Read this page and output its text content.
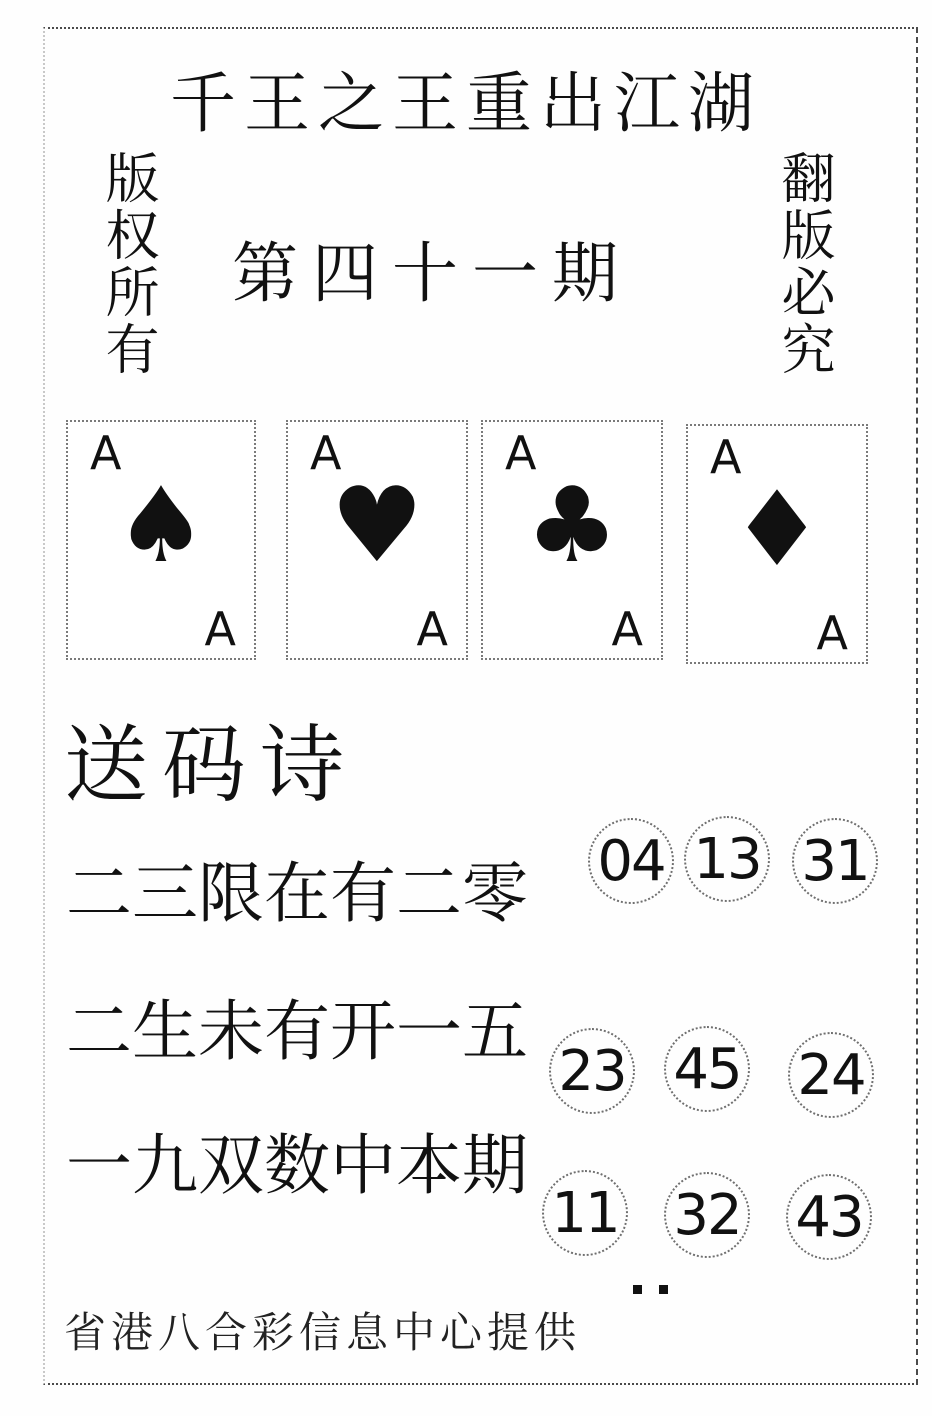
千王之王重出江湖
版权所有	翻版必究
第四十一期
A
♠
A
A
♥
A
A
♣
A
A
♦
A
送码诗
二三限在有二零
二生未有开一五
一九双数中本期
04 13 31
23 45 24
11 32 43
省港八合彩信息中心提供
